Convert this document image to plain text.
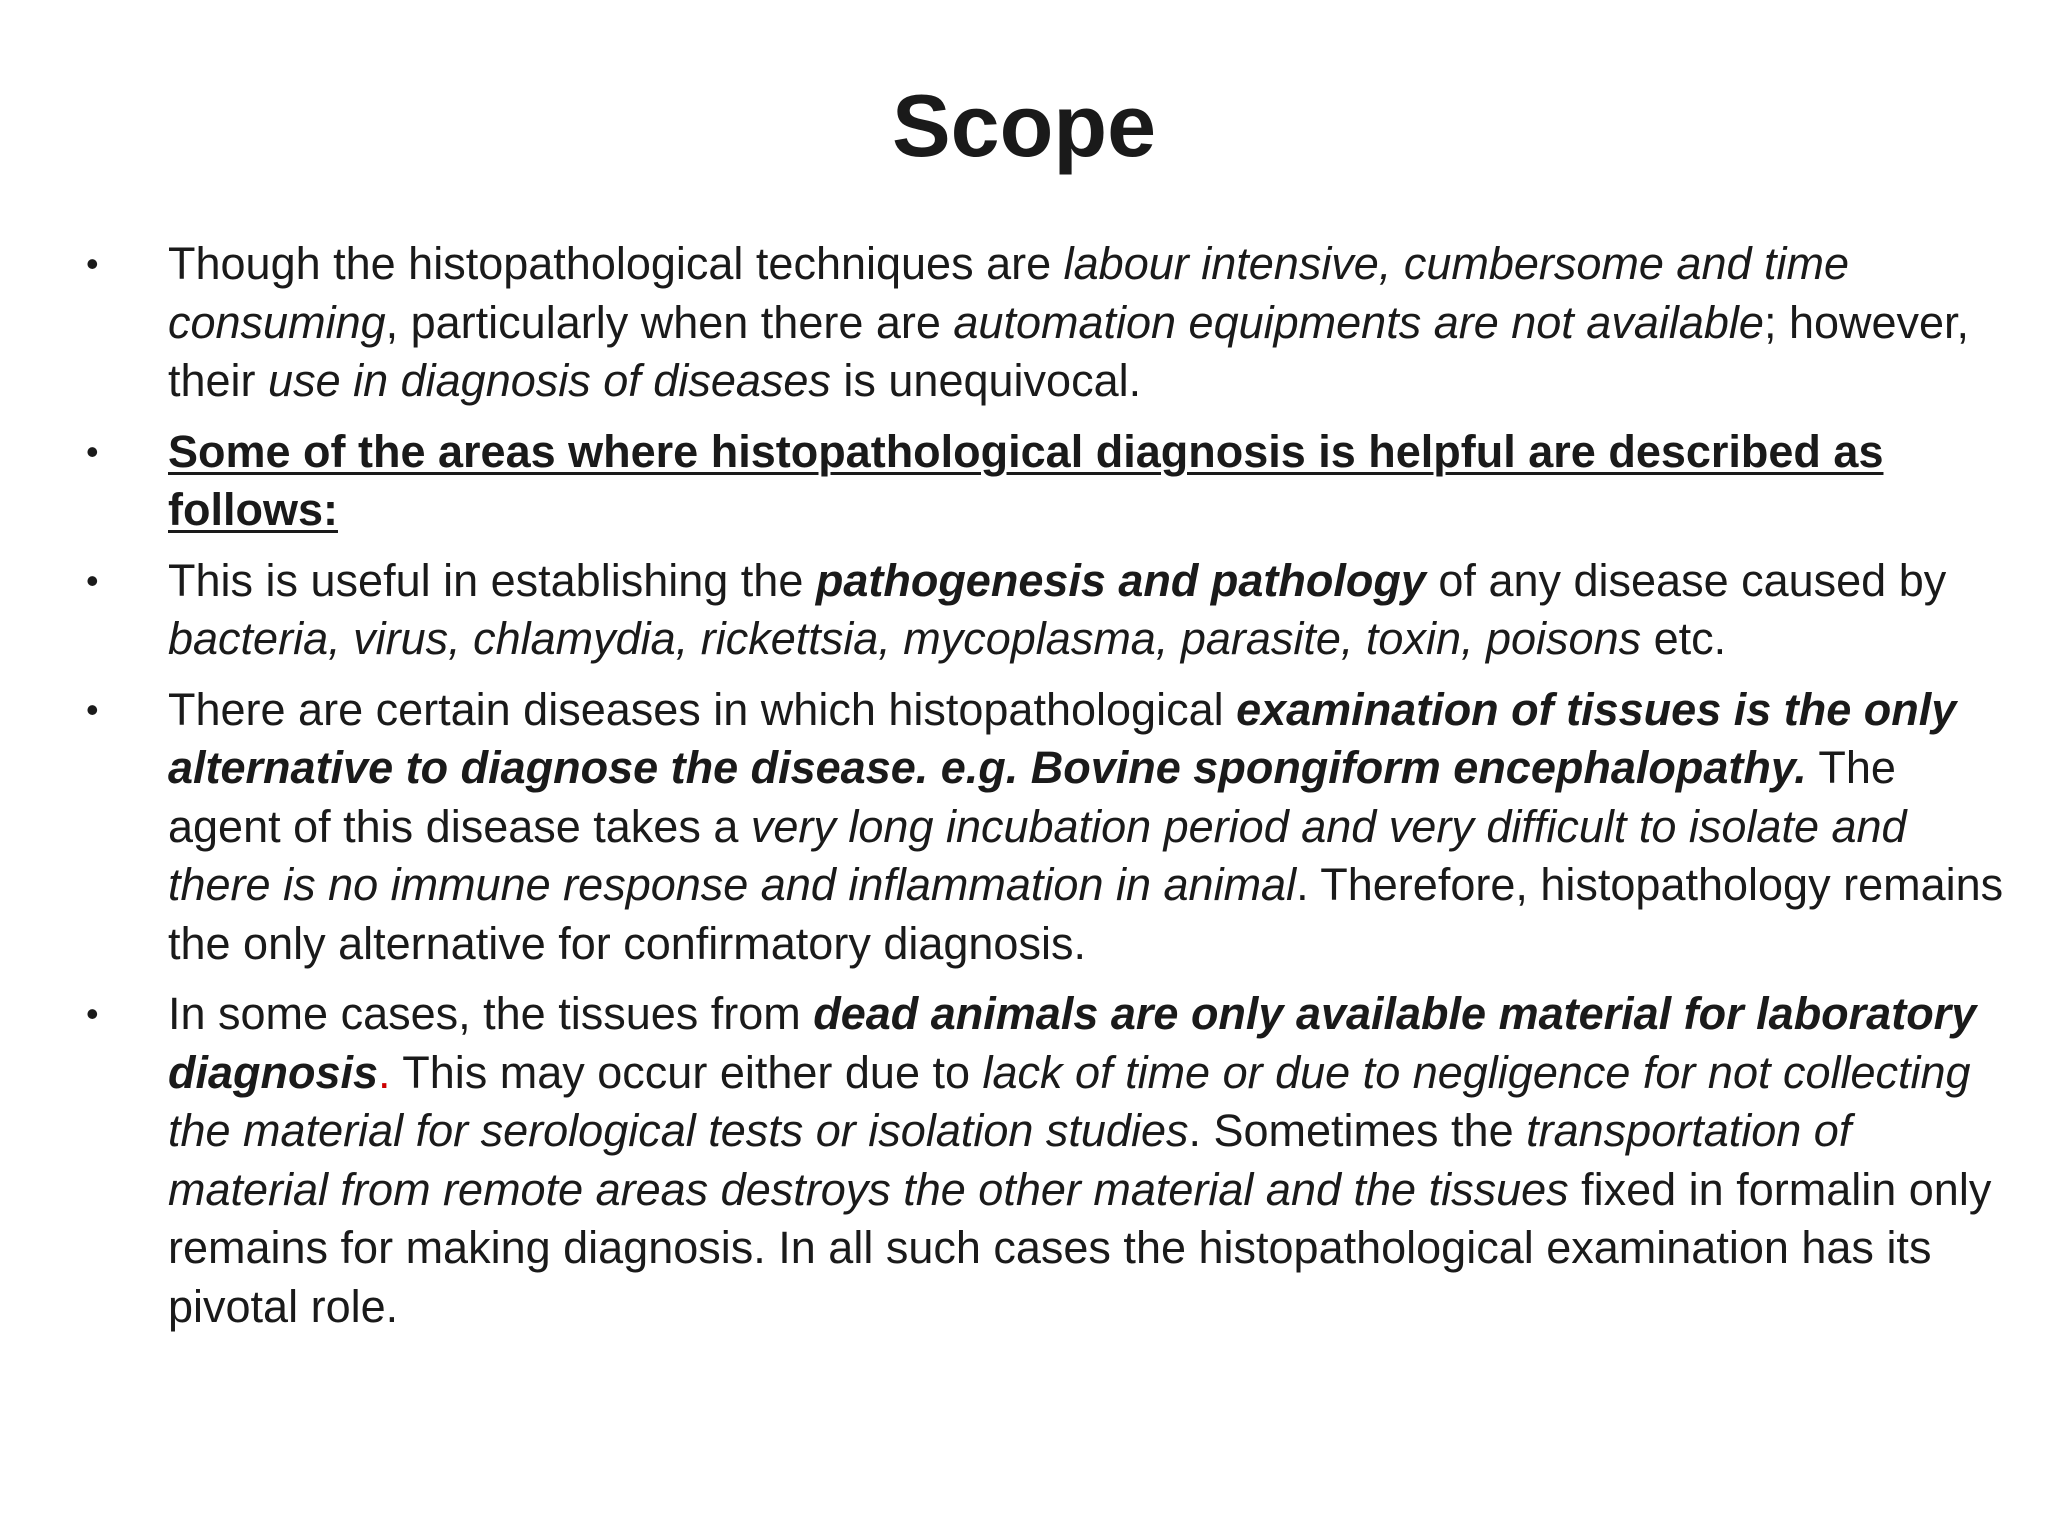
Scope
• Though the histopathological techniques are labour intensive, cumbersome and time consuming, particularly when there are automation equipments are not available; however, their use in diagnosis of diseases is unequivocal.
• Some of the areas where histopathological diagnosis is helpful are described as follows:
• This is useful in establishing the pathogenesis and pathology of any disease caused by bacteria, virus, chlamydia, rickettsia, mycoplasma, parasite, toxin, poisons etc.
• There are certain diseases in which histopathological examination of tissues is the only alternative to diagnose the disease. e.g. Bovine spongiform encephalopathy. The agent of this disease takes a very long incubation period and very difficult to isolate and there is no immune response and inflammation in animal. Therefore, histopathology remains the only alternative for confirmatory diagnosis.
• In some cases, the tissues from dead animals are only available material for laboratory diagnosis. This may occur either due to lack of time or due to negligence for not collecting the material for serological tests or isolation studies. Sometimes the transportation of material from remote areas destroys the other material and the tissues fixed in formalin only remains for making diagnosis. In all such cases the histopathological examination has its pivotal role.
